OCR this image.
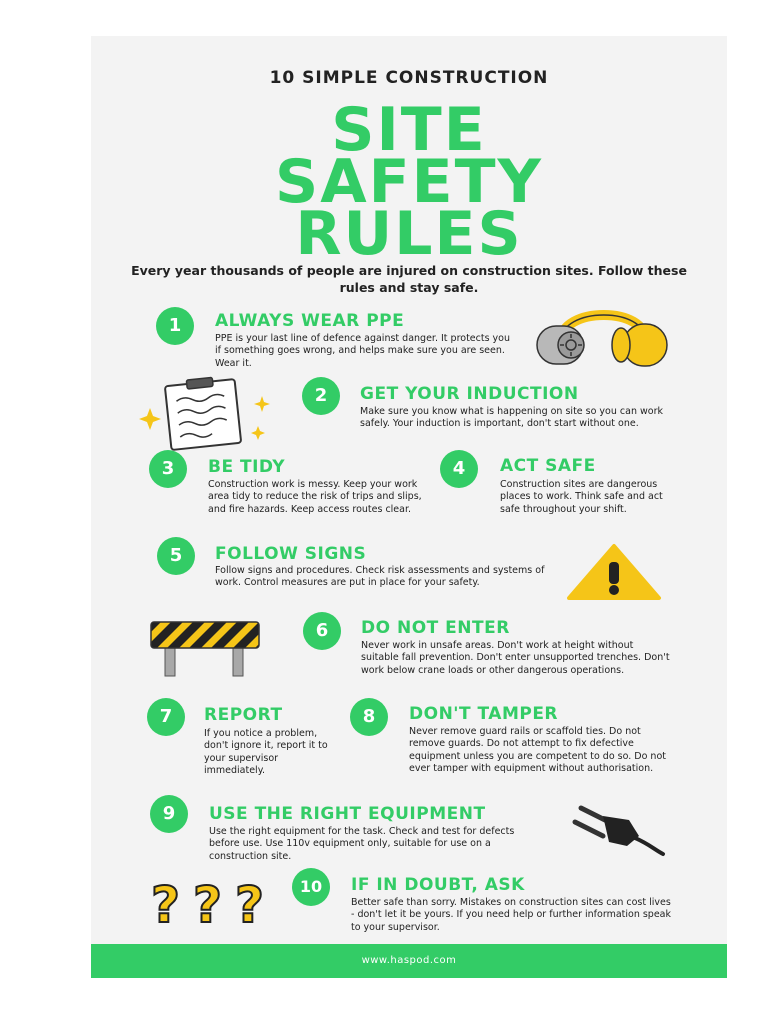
10 SIMPLE CONSTRUCTION
SITE
SAFETY
RULES
Every year thousands of people are injured on construction sites. Follow these rules and stay safe.
1	ALWAYS WEAR PPE
PPE is your last line of defence against danger. It protects you if something goes wrong, and helps make sure you are seen. Wear it.
2	GET YOUR INDUCTION
Make sure you know what is happening on site so you can work safely. Your induction is important, don't start without one.
3	BE TIDY
Construction work is messy. Keep your work area tidy to reduce the risk of trips and slips, and fire hazards. Keep access routes clear.
4	ACT SAFE
Construction sites are dangerous places to work. Think safe and act safe throughout your shift.
5	FOLLOW SIGNS
Follow signs and procedures. Check risk assessments and systems of work. Control measures are put in place for your safety.
6	DO NOT ENTER
Never work in unsafe areas. Don't work at height without suitable fall prevention. Don't enter unsupported trenches. Don't work below crane loads or other dangerous operations.
7	REPORT
If you notice a problem, don't ignore it, report it to your supervisor immediately.
8	DON'T TAMPER
Never remove guard rails or scaffold ties. Do not remove guards. Do not attempt to fix defective equipment unless you are competent to do so. Do not ever tamper with equipment without authorisation.
9	USE THE RIGHT EQUIPMENT
Use the right equipment for the task. Check and test for defects before use. Use 110v equipment only, suitable for use on a construction site.
? ? ?	10	IF IN DOUBT, ASK
Better safe than sorry. Mistakes on construction sites can cost lives - don't let it be yours. If you need help or further information speak to your supervisor.
www.haspod.com
